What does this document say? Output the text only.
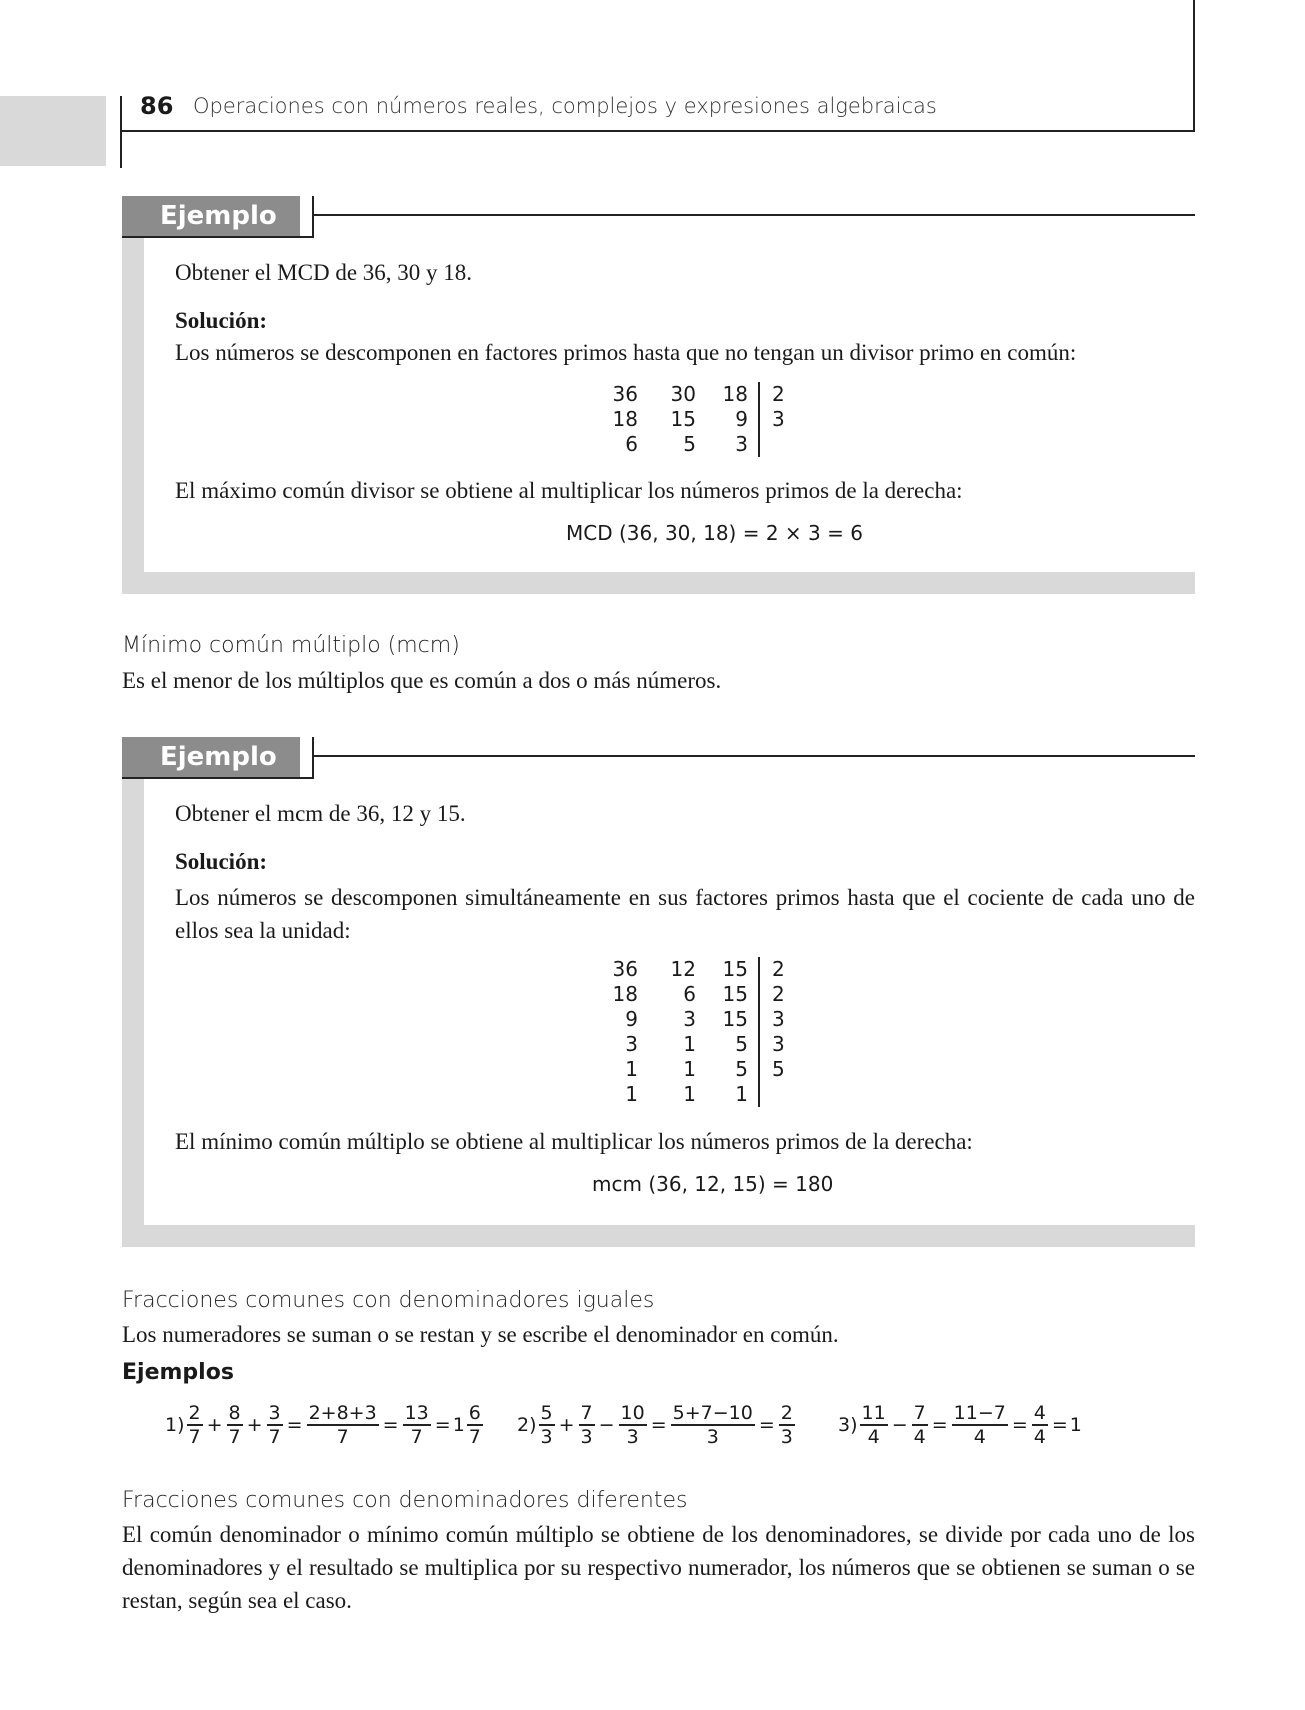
86 Operaciones con números reales, complejos y expresiones algebraicas
Ejemplo
Obtener el MCD de 36, 30 y 18.
Solución:
Los números se descomponen en factores primos hasta que no tengan un divisor primo en común:
36	30	18		2
18	15	9		3
6	5	3		
El máximo común divisor se obtiene al multiplicar los números primos de la derecha:
MCD (36, 30, 18) = 2 × 3 = 6
Mínimo común múltiplo (mcm)
Es el menor de los múltiplos que es común a dos o más números.
Ejemplo
Obtener el mcm de 36, 12 y 15.
Solución:
Los números se descomponen simultáneamente en sus factores primos hasta que el cociente de cada uno de ellos sea la unidad:
36	12	15		2
18	6	15		2
9	3	15		3
3	1	5		3
1	1	5		5
1	1	1		
El mínimo común múltiplo se obtiene al multiplicar los números primos de la derecha:
mcm (36, 12, 15) = 180
Fracciones comunes con denominadores iguales
Los numeradores se suman o se restan y se escribe el denominador en común.
Ejemplos
$1) \frac{2}{7} + \frac{8}{7} + \frac{3}{7} = \frac{2+8+3}{7} = \frac{13}{7} = 1 \frac{6}{7} 2) \frac{5}{3} + \frac{7}{3} - \frac{10}{3} = \frac{5+7-10}{3} = \frac{2}{3} 3) \frac{11}{4} - \frac{7}{4} = \frac{11-7}{4} = \frac{4}{4} = 1$
Fracciones comunes con denominadores diferentes
El común denominador o mínimo común múltiplo se obtiene de los denominadores, se divide por cada uno de los denominadores y el resultado se multiplica por su respectivo numerador, los números que se obtienen se suman o se restan, según sea el caso.
